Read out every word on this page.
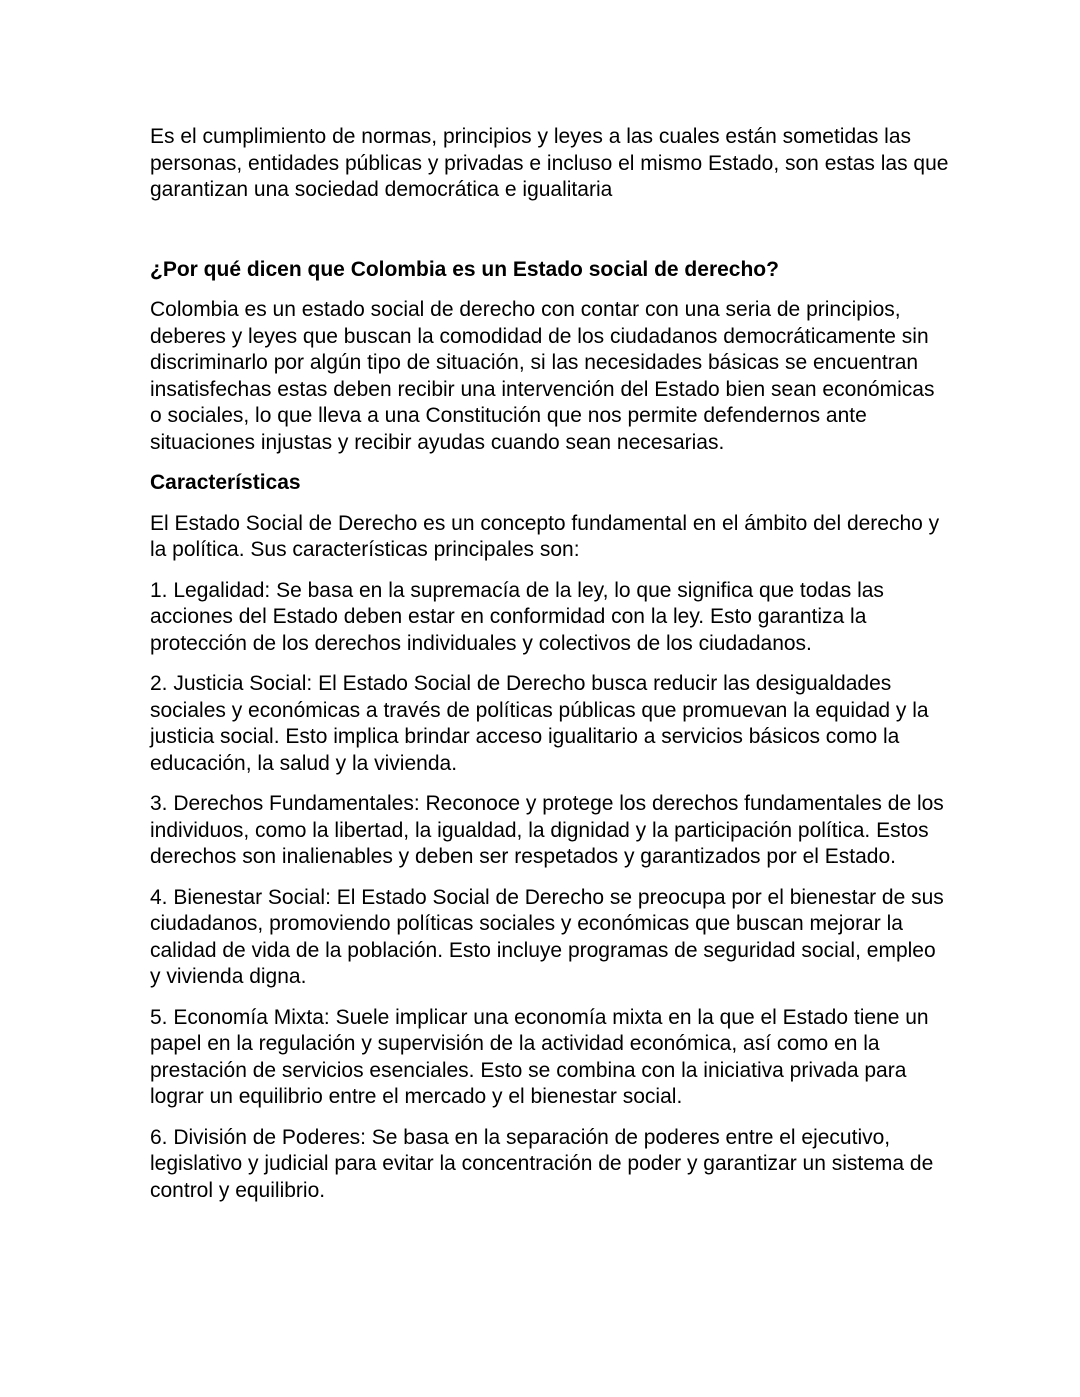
Es el cumplimiento de normas, principios y leyes a las cuales están sometidas las personas, entidades públicas y privadas e incluso el mismo Estado, son estas las que garantizan una sociedad democrática e igualitaria

¿Por qué dicen que Colombia es un Estado social de derecho?

Colombia es un estado social de derecho con contar con una seria de principios, deberes y leyes que buscan la comodidad de los ciudadanos democráticamente sin discriminarlo por algún tipo de situación, si las necesidades básicas se encuentran insatisfechas estas deben recibir una intervención del Estado bien sean económicas o sociales, lo que lleva a una Constitución que nos permite defendernos ante situaciones injustas y recibir ayudas cuando sean necesarias.

Características

El Estado Social de Derecho es un concepto fundamental en el ámbito del derecho y la política. Sus características principales son:

1. Legalidad: Se basa en la supremacía de la ley, lo que significa que todas las acciones del Estado deben estar en conformidad con la ley. Esto garantiza la protección de los derechos individuales y colectivos de los ciudadanos.

2. Justicia Social: El Estado Social de Derecho busca reducir las desigualdades sociales y económicas a través de políticas públicas que promuevan la equidad y la justicia social. Esto implica brindar acceso igualitario a servicios básicos como la educación, la salud y la vivienda.

3. Derechos Fundamentales: Reconoce y protege los derechos fundamentales de los individuos, como la libertad, la igualdad, la dignidad y la participación política. Estos derechos son inalienables y deben ser respetados y garantizados por el Estado.

4. Bienestar Social: El Estado Social de Derecho se preocupa por el bienestar de sus ciudadanos, promoviendo políticas sociales y económicas que buscan mejorar la calidad de vida de la población. Esto incluye programas de seguridad social, empleo y vivienda digna.

5. Economía Mixta: Suele implicar una economía mixta en la que el Estado tiene un papel en la regulación y supervisión de la actividad económica, así como en la prestación de servicios esenciales. Esto se combina con la iniciativa privada para lograr un equilibrio entre el mercado y el bienestar social.

6. División de Poderes: Se basa en la separación de poderes entre el ejecutivo, legislativo y judicial para evitar la concentración de poder y garantizar un sistema de control y equilibrio.
